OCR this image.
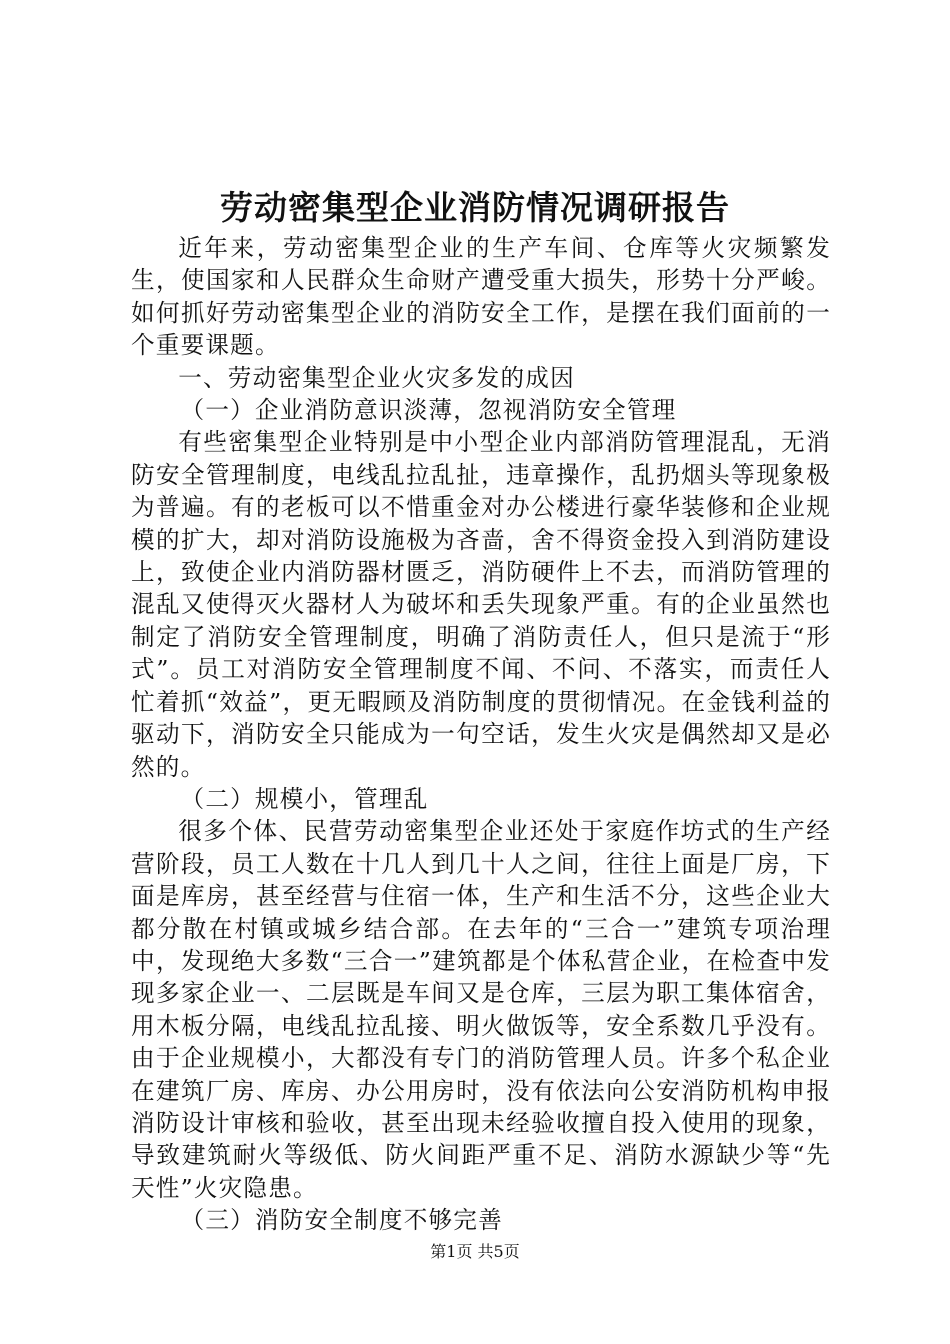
劳动密集型企业消防情况调研报告

近年来，劳动密集型企业的生产车间、仓库等火灾频繁发生，使国家和人民群众生命财产遭受重大损失，形势十分严峻。如何抓好劳动密集型企业的消防安全工作，是摆在我们面前的一个重要课题。

一、劳动密集型企业火灾多发的成因

（一）企业消防意识淡薄，忽视消防安全管理

有些密集型企业特别是中小型企业内部消防管理混乱，无消防安全管理制度，电线乱拉乱扯，违章操作，乱扔烟头等现象极为普遍。有的老板可以不惜重金对办公楼进行豪华装修和企业规模的扩大，却对消防设施极为吝啬，舍不得资金投入到消防建设上，致使企业内消防器材匮乏，消防硬件上不去，而消防管理的混乱又使得灭火器材人为破坏和丢失现象严重。有的企业虽然也制定了消防安全管理制度，明确了消防责任人，但只是流于“形式”。员工对消防安全管理制度不闻、不问、不落实，而责任人忙着抓“效益”，更无暇顾及消防制度的贯彻情况。在金钱利益的驱动下，消防安全只能成为一句空话，发生火灾是偶然却又是必然的。

（二）规模小，管理乱

很多个体、民营劳动密集型企业还处于家庭作坊式的生产经营阶段，员工人数在十几人到几十人之间，往往上面是厂房，下面是库房，甚至经营与住宿一体，生产和生活不分，这些企业大都分散在村镇或城乡结合部。在去年的“三合一”建筑专项治理中，发现绝大多数“三合一”建筑都是个体私营企业，在检查中发现多家企业一、二层既是车间又是仓库，三层为职工集体宿舍，用木板分隔，电线乱拉乱接、明火做饭等，安全系数几乎没有。由于企业规模小，大都没有专门的消防管理人员。许多个私企业在建筑厂房、库房、办公用房时，没有依法向公安消防机构申报消防设计审核和验收，甚至出现未经验收擅自投入使用的现象，导致建筑耐火等级低、防火间距严重不足、消防水源缺少等“先天性”火灾隐患。

（三）消防安全制度不够完善

第1页 共5页
